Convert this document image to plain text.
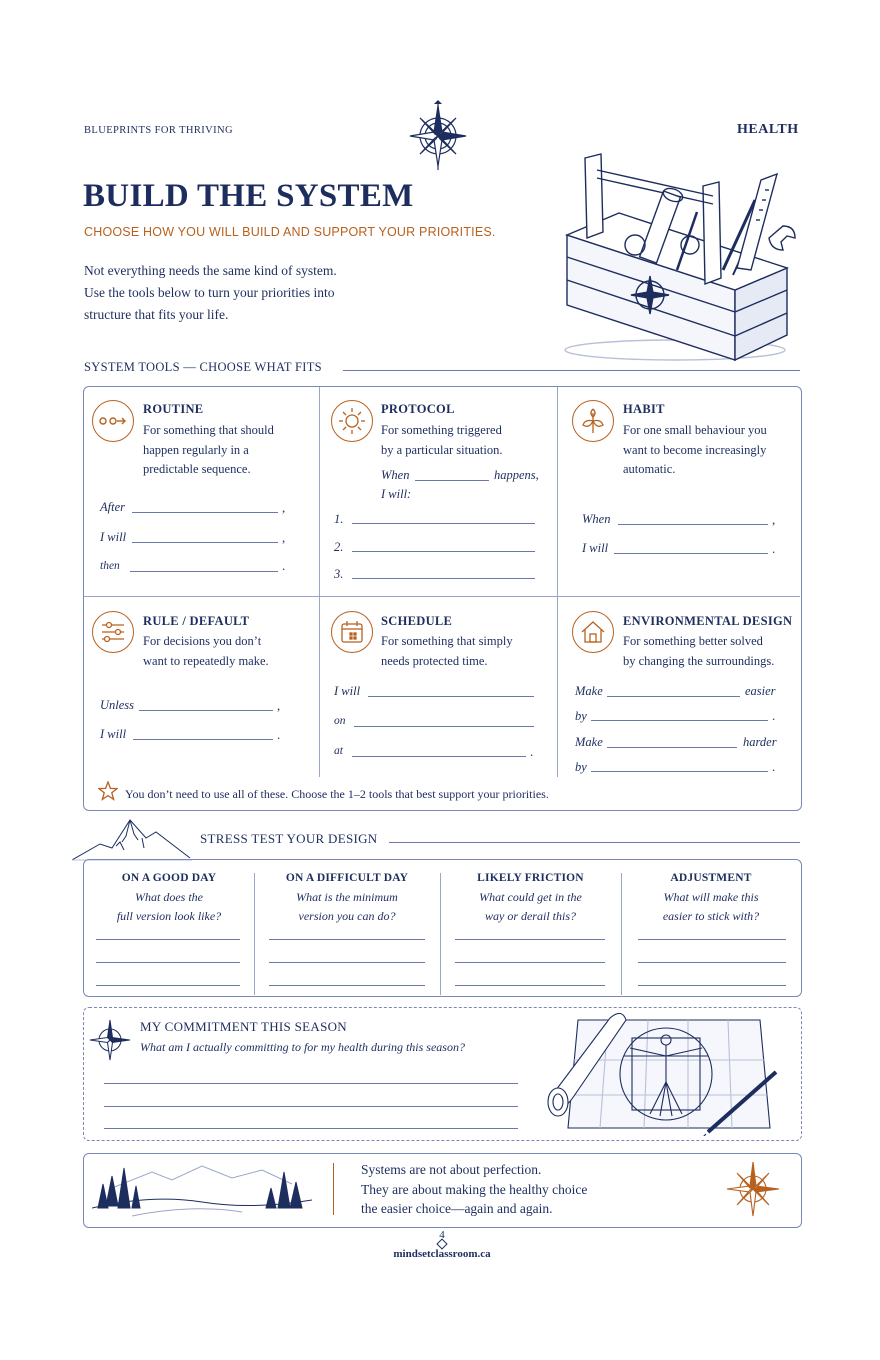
BLUEPRINTS FOR THRIVING	HEALTH
BUILD THE SYSTEM
CHOOSE HOW YOU WILL BUILD AND SUPPORT YOUR PRIORITIES.
Not everything needs the same kind of system.
Use the tools below to turn your priorities into
structure that fits your life.
SYSTEM TOOLS — CHOOSE WHAT FITS
ROUTINE
For something that should
happen regularly in a
predictable sequence.
After	,
I will	,
then	.
PROTOCOL
For something triggered
by a particular situation.
When	happens,
I will:
1.
2.
3.
HABIT
For one small behaviour you
want to become increasingly
automatic.
When	,
I will	.
RULE / DEFAULT
For decisions you don’t
want to repeatedly make.
Unless	,
I will	.
SCHEDULE
For something that simply
needs protected time.
I will
on
at	.
ENVIRONMENTAL DESIGN
For something better solved
by changing the surroundings.
Make	easier
by	.
Make	harder
by	.
You don’t need to use all of these. Choose the 1–2 tools that best support your priorities.
STRESS TEST YOUR DESIGN
ON A GOOD DAY
What does the
full version look like?
ON A DIFFICULT DAY
What is the minimum
version you can do?
LIKELY FRICTION
What could get in the
way or derail this?
ADJUSTMENT
What will make this
easier to stick with?
MY COMMITMENT THIS SEASON
What am I actually committing to for my health during this season?
Systems are not about perfection.
They are about making the healthy choice
the easier choice—again and again.
4
mindsetclassroom.ca
